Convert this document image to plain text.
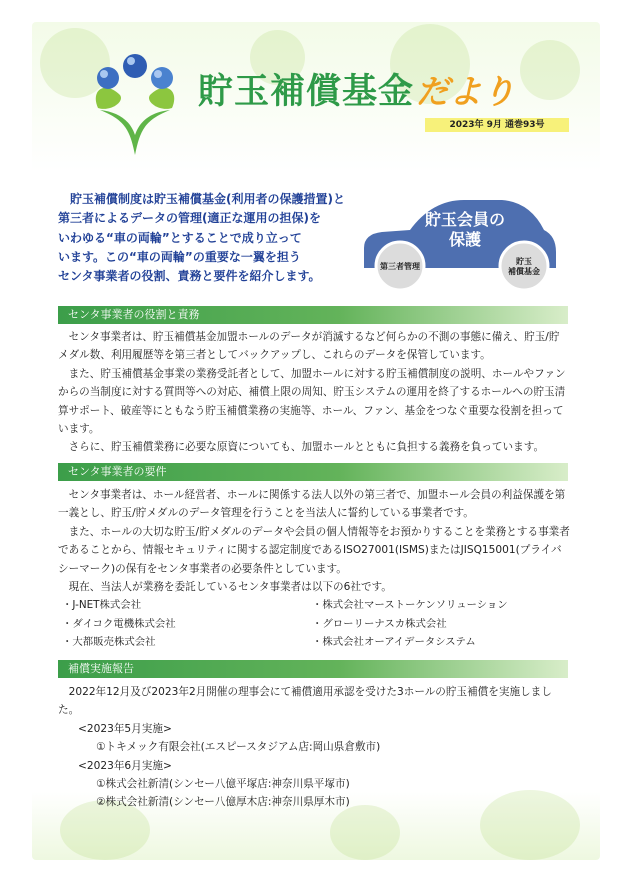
貯玉補償基金だより
2023年 9月 通巻93号

貯玉補償制度は貯玉補償基金(利用者の保護措置)と

第三者によるデータの管理(適正な運用の担保)を

いわゆる“車の両輪”とすることで成り立って

います。この“車の両輪”の重要な一翼を担う

センタ事業者の役割、責務と要件を紹介します。

貯玉会員の
保護
第三者管理
貯玉
補償基金
センタ事業者の役割と責務

センタ事業者は、貯玉補償基金加盟ホールのデータが消滅するなど何らかの不測の事態に備え、貯玉/貯メダル数、利用履歴等を第三者としてバックアップし、これらのデータを保管しています。

また、貯玉補償基金事業の業務受託者として、加盟ホールに対する貯玉補償制度の説明、ホールやファンからの当制度に対する質問等への対応、補償上限の周知、貯玉システムの運用を終了するホールへの貯玉清算サポート、破産等にともなう貯玉補償業務の実施等、ホール、ファン、基金をつなぐ重要な役割を担っています。

さらに、貯玉補償業務に必要な原資についても、加盟ホールとともに負担する義務を負っています。

センタ事業者の要件

センタ事業者は、ホール経営者、ホールに関係する法人以外の第三者で、加盟ホール会員の利益保護を第一義とし、貯玉/貯メダルのデータ管理を行うことを当法人に誓約している事業者です。

また、ホールの大切な貯玉/貯メダルのデータや会員の個人情報等をお預かりすることを業務とする事業者であることから、情報セキュリティに関する認定制度であるISO27001(ISMS)またはJISQ15001(プライバシーマーク)の保有をセンタ事業者の必要条件としています。

現在、当法人が業務を委託しているセンタ事業者は以下の6社です。

・J-NET株式会社	・株式会社マーストーケンソリューション
・ダイコク電機株式会社	・グローリーナスカ株式会社
・大都販売株式会社	・株式会社オーアイデータシステム
補償実施報告

2022年12月及び2023年2月開催の理事会にて補償適用承認を受けた3ホールの貯玉補償を実施しました。

<2023年5月実施>

①トキメック有限会社(エスピースタジアム店:岡山県倉敷市)

<2023年6月実施>

①株式会社新清(シンセー八億平塚店:神奈川県平塚市)

②株式会社新清(シンセー八億厚木店:神奈川県厚木市)
